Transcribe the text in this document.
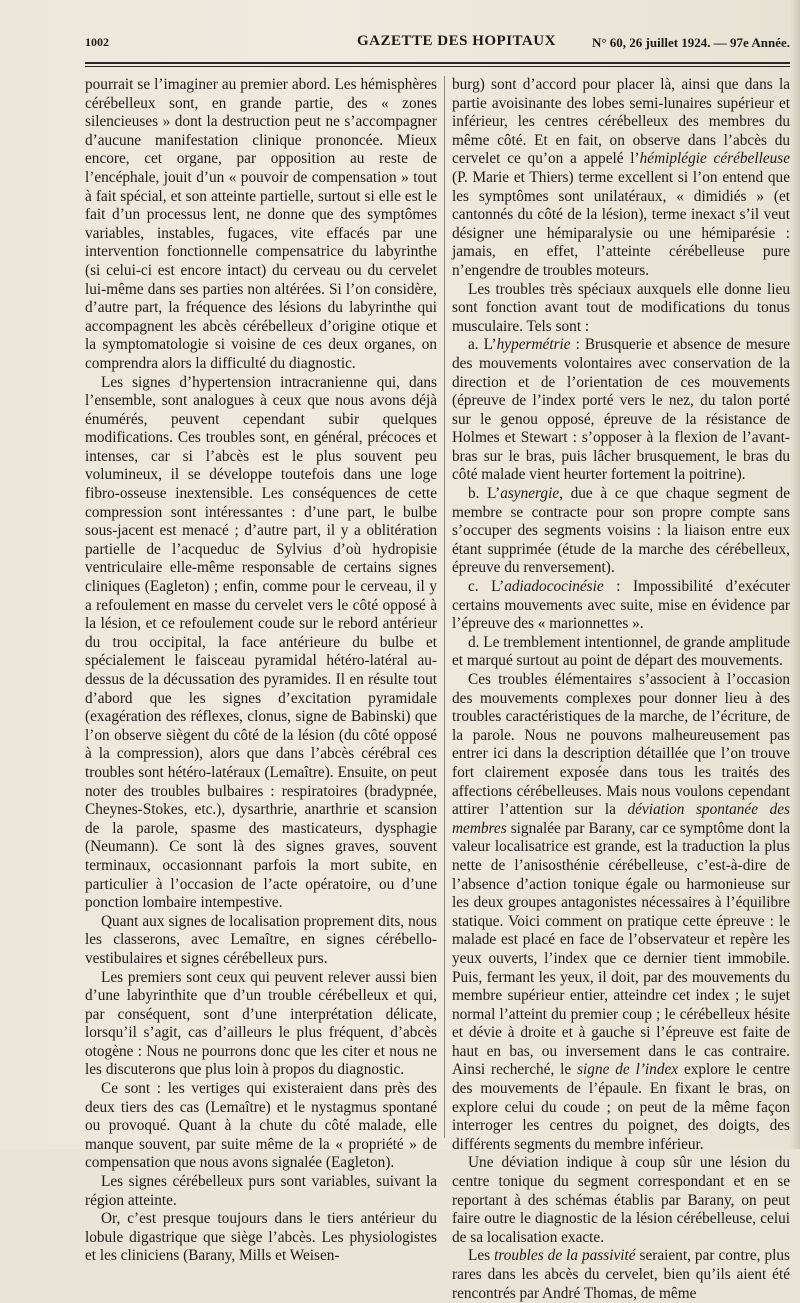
1002	GAZETTE DES HOPITAUX	N° 60, 26 juillet 1924. — 97e Année.

pourrait se l’imaginer au premier abord. Les hémisphères cérébelleux sont, en grande partie, des « zones silencieuses » dont la destruction peut ne s’accompagner d’aucune manifestation clinique prononcée. Mieux encore, cet organe, par opposition au reste de l’encéphale, jouit d’un « pouvoir de compensation » tout à fait spécial, et son atteinte partielle, surtout si elle est le fait d’un processus lent, ne donne que des symptômes variables, instables, fugaces, vite effacés par une intervention fonctionnelle compensatrice du labyrinthe (si celui-ci est encore intact) du cerveau ou du cervelet lui-même dans ses parties non altérées. Si l’on considère, d’autre part, la fréquence des lésions du labyrinthe qui accompagnent les abcès cérébelleux d’origine otique et la symptomatologie si voisine de ces deux organes, on comprendra alors la difficulté du diagnostic.

Les signes d’hypertension intracranienne qui, dans l’ensemble, sont analogues à ceux que nous avons déjà énumérés, peuvent cependant subir quelques modifications. Ces troubles sont, en général, précoces et intenses, car si l’abcès est le plus souvent peu volumineux, il se développe toutefois dans une loge fibro-osseuse inextensible. Les conséquences de cette compression sont intéressantes : d’une part, le bulbe sous-jacent est menacé ; d’autre part, il y a oblitération partielle de l’acqueduc de Sylvius d’où hydropisie ventriculaire elle-même responsable de certains signes cliniques (Eagleton) ; enfin, comme pour le cerveau, il y a refoulement en masse du cervelet vers le côté opposé à la lésion, et ce refoulement coude sur le rebord antérieur du trou occipital, la face antérieure du bulbe et spécialement le faisceau pyramidal hétéro-latéral au-dessus de la décussation des pyramides. Il en résulte tout d’abord que les signes d’excitation pyramidale (exagération des réflexes, clonus, signe de Babinski) que l’on observe siègent du côté de la lésion (du côté opposé à la compression), alors que dans l’abcès cérébral ces troubles sont hétéro-latéraux (Lemaître). Ensuite, on peut noter des troubles bulbaires : respiratoires (bradypnée, Cheynes-Stokes, etc.), dysarthrie, anarthrie et scansion de la parole, spasme des masticateurs, dysphagie (Neumann). Ce sont là des signes graves, souvent terminaux, occasionnant parfois la mort subite, en particulier à l’occasion de l’acte opératoire, ou d’une ponction lombaire intempestive.

Quant aux signes de localisation proprement dits, nous les classerons, avec Lemaître, en signes cérébello-vestibulaires et signes cérébelleux purs.

Les premiers sont ceux qui peuvent relever aussi bien d’une labyrinthite que d’un trouble cérébelleux et qui, par conséquent, sont d’une interprétation délicate, lorsqu’il s’agit, cas d’ailleurs le plus fréquent, d’abcès otogène : Nous ne pourrons donc que les citer et nous ne les discuterons que plus loin à propos du diagnostic.

Ce sont : les vertiges qui existeraient dans près des deux tiers des cas (Lemaître) et le nystagmus spontané ou provoqué. Quant à la chute du côté malade, elle manque souvent, par suite même de la « propriété » de compensation que nous avons signalée (Eagleton).

Les signes cérébelleux purs sont variables, suivant la région atteinte.

Or, c’est presque toujours dans le tiers antérieur du lobule digastrique que siège l’abcès. Les physiologistes et les cliniciens (Barany, Mills et Weisen-

burg) sont d’accord pour placer là, ainsi que dans la partie avoisinante des lobes semi-lunaires supérieur et inférieur, les centres cérébelleux des membres du même côté. Et en fait, on observe dans l’abcès du cervelet ce qu’on a appelé l’hémiplégie cérébelleuse (P. Marie et Thiers) terme excellent si l’on entend que les symptômes sont unilatéraux, « dimidiés » (et cantonnés du côté de la lésion), terme inexact s’il veut désigner une hémiparalysie ou une hémiparésie : jamais, en effet, l’atteinte cérébelleuse pure n’engendre de troubles moteurs.

Les troubles très spéciaux auxquels elle donne lieu sont fonction avant tout de modifications du tonus musculaire. Tels sont :

a. L’hypermétrie : Brusquerie et absence de mesure des mouvements volontaires avec conservation de la direction et de l’orientation de ces mouvements (épreuve de l’index porté vers le nez, du talon porté sur le genou opposé, épreuve de la résistance de Holmes et Stewart : s’opposer à la flexion de l’avant-bras sur le bras, puis lâcher brusquement, le bras du côté malade vient heurter fortement la poitrine).

b. L’asynergie, due à ce que chaque segment de membre se contracte pour son propre compte sans s’occuper des segments voisins : la liaison entre eux étant supprimée (étude de la marche des cérébelleux, épreuve du renversement).

c. L’adiadococinésie : Impossibilité d’exécuter certains mouvements avec suite, mise en évidence par l’épreuve des « marionnettes ».

d. Le tremblement intentionnel, de grande amplitude et marqué surtout au point de départ des mouvements.

Ces troubles élémentaires s’associent à l’occasion des mouvements complexes pour donner lieu à des troubles caractéristiques de la marche, de l’écriture, de la parole. Nous ne pouvons malheureusement pas entrer ici dans la description détaillée que l’on trouve fort clairement exposée dans tous les traités des affections cérébelleuses. Mais nous voulons cependant attirer l’attention sur la déviation spontanée des membres signalée par Barany, car ce symptôme dont la valeur localisatrice est grande, est la traduction la plus nette de l’anisosthénie cérébelleuse, c’est-à-dire de l’absence d’action tonique égale ou harmonieuse sur les deux groupes antagonistes nécessaires à l’équilibre statique. Voici comment on pratique cette épreuve : le malade est placé en face de l’observateur et repère les yeux ouverts, l’index que ce dernier tient immobile. Puis, fermant les yeux, il doit, par des mouvements du membre supérieur entier, atteindre cet index ; le sujet normal l’atteint du premier coup ; le cérébelleux hésite et dévie à droite et à gauche si l’épreuve est faite de haut en bas, ou inversement dans le cas contraire. Ainsi recherché, le signe de l’index explore le centre des mouvements de l’épaule. En fixant le bras, on explore celui du coude ; on peut de la même façon interroger les centres du poignet, des doigts, des différents segments du membre inférieur.

Une déviation indique à coup sûr une lésion du centre tonique du segment correspondant et en se reportant à des schémas établis par Barany, on peut faire outre le diagnostic de la lésion cérébelleuse, celui de sa localisation exacte.

Les troubles de la passivité seraient, par contre, plus rares dans les abcès du cervelet, bien qu’ils aient été rencontrés par André Thomas, de même
